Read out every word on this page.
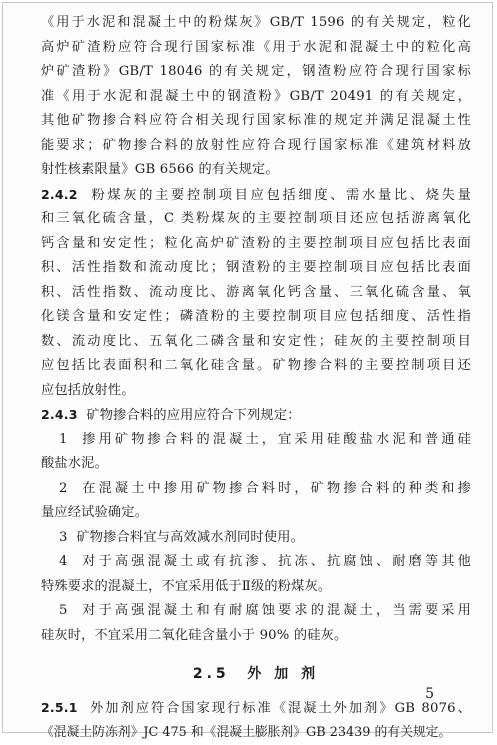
《用于水泥和混凝土中的粉煤灰》GB/T 1596 的有关规定，粒化
高炉矿渣粉应符合现行国家标准《用于水泥和混凝土中的粒化高
炉矿渣粉》GB/T 18046 的有关规定，钢渣粉应符合现行国家标
准《用于水泥和混凝土中的钢渣粉》GB/T 20491 的有关规定，
其他矿物掺合料应符合相关现行国家标准的规定并满足混凝土性
能要求；矿物掺合料的放射性应符合现行国家标准《建筑材料放
射性核素限量》GB 6566 的有关规定。
2.4.2 粉煤灰的主要控制项目应包括细度、需水量比、烧失量
和三氧化硫含量，C 类粉煤灰的主要控制项目还应包括游离氧化
钙含量和安定性；粒化高炉矿渣粉的主要控制项目应包括比表面
积、活性指数和流动度比；钢渣粉的主要控制项目应包括比表面
积、活性指数、流动度比、游离氧化钙含量、三氧化硫含量、氧
化镁含量和安定性；磷渣粉的主要控制项目应包括细度、活性指
数、流动度比、五氧化二磷含量和安定性；硅灰的主要控制项目
应包括比表面积和二氧化硅含量。矿物掺合料的主要控制项目还
应包括放射性。
2.4.3 矿物掺合料的应用应符合下列规定：
1 掺用矿物掺合料的混凝土，宜采用硅酸盐水泥和普通硅
酸盐水泥。
2 在混凝土中掺用矿物掺合料时，矿物掺合料的种类和掺
量应经试验确定。
3 矿物掺合料宜与高效减水剂同时使用。
4 对于高强混凝土或有抗渗、抗冻、抗腐蚀、耐磨等其他
特殊要求的混凝土，不宜采用低于Ⅱ级的粉煤灰。
5 对于高强混凝土和有耐腐蚀要求的混凝土，当需要采用
硅灰时，不宜采用二氧化硅含量小于 90% 的硅灰。
2.5 外 加 剂
2.5.1 外加剂应符合国家现行标准《混凝土外加剂》GB 8076、
《混凝土防冻剂》JC 475 和《混凝土膨胀剂》GB 23439 的有关规定。
5
